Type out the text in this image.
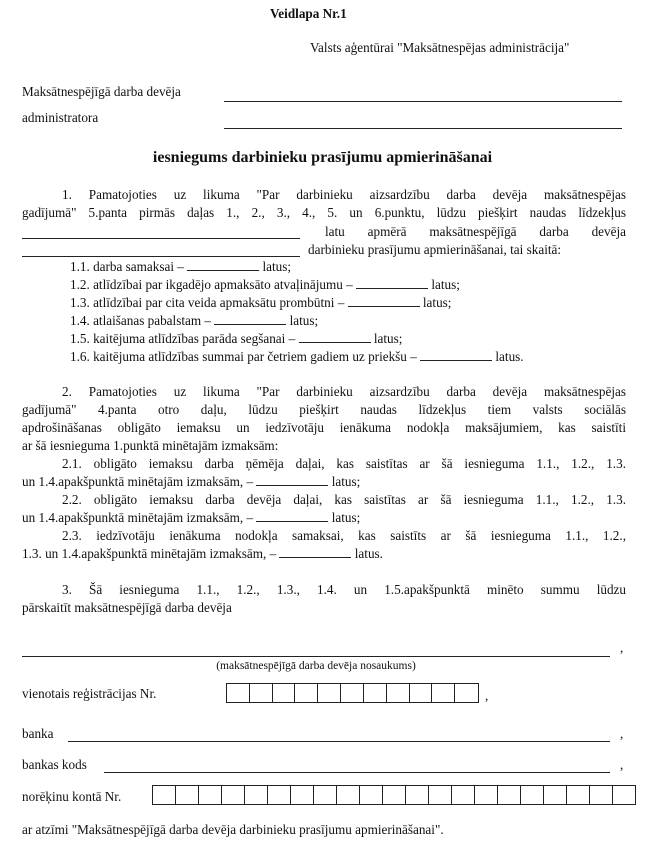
Veidlapa Nr.1
Valsts aģentūrai "Maksātnespējas administrācija"
Maksātnespējīgā darba devēja
administratora
iesniegums darbinieku prasījumu apmierināšanai
1. Pamatojoties uz likuma "Par darbinieku aizsardzību darba devēja maksātnespējas
gadījumā" 5.panta pirmās daļas 1., 2., 3., 4., 5. un 6.punktu, lūdzu piešķirt naudas līdzekļus
latu apmērā maksātnespējīgā darba devēja
darbinieku prasījumu apmierināšanai, tai skaitā:
1.1. darba samaksai –	latus;
1.2. atlīdzībai par ikgadējo apmaksāto atvaļinājumu –	latus;
1.3. atlīdzībai par cita veida apmaksātu prombūtni –	latus;
1.4. atlaišanas pabalstam –	latus;
1.5. kaitējuma atlīdzības parāda segšanai –	latus;
1.6. kaitējuma atlīdzības summai par četriem gadiem uz priekšu –	latus.
2. Pamatojoties uz likuma "Par darbinieku aizsardzību darba devēja maksātnespējas
gadījumā" 4.panta otro daļu, lūdzu piešķirt naudas līdzekļus tiem valsts sociālās
apdrošināšanas obligāto iemaksu un iedzīvotāju ienākuma nodokļa maksājumiem, kas saistīti
ar šā iesnieguma 1.punktā minētajām izmaksām:
2.1. obligāto iemaksu darba ņēmēja daļai, kas saistītas ar šā iesnieguma 1.1., 1.2., 1.3.
un 1.4.apakšpunktā minētajām izmaksām, –	latus;
2.2. obligāto iemaksu darba devēja daļai, kas saistītas ar šā iesnieguma 1.1., 1.2., 1.3.
un 1.4.apakšpunktā minētajām izmaksām, –	latus;
2.3. iedzīvotāju ienākuma nodokļa samaksai, kas saistīts ar šā iesnieguma 1.1., 1.2.,
1.3. un 1.4.apakšpunktā minētajām izmaksām, –	latus.
3. Šā iesnieguma 1.1., 1.2., 1.3., 1.4. un 1.5.apakšpunktā minēto summu lūdzu
pārskaitīt maksātnespējīgā darba devēja
,
(maksātnespējīgā darba devēja nosaukums)
vienotais reģistrācijas Nr.	,
banka	,
bankas kods	,
norēķinu kontā Nr.
ar atzīmi "Maksātnespējīgā darba devēja darbinieku prasījumu apmierināšanai".
